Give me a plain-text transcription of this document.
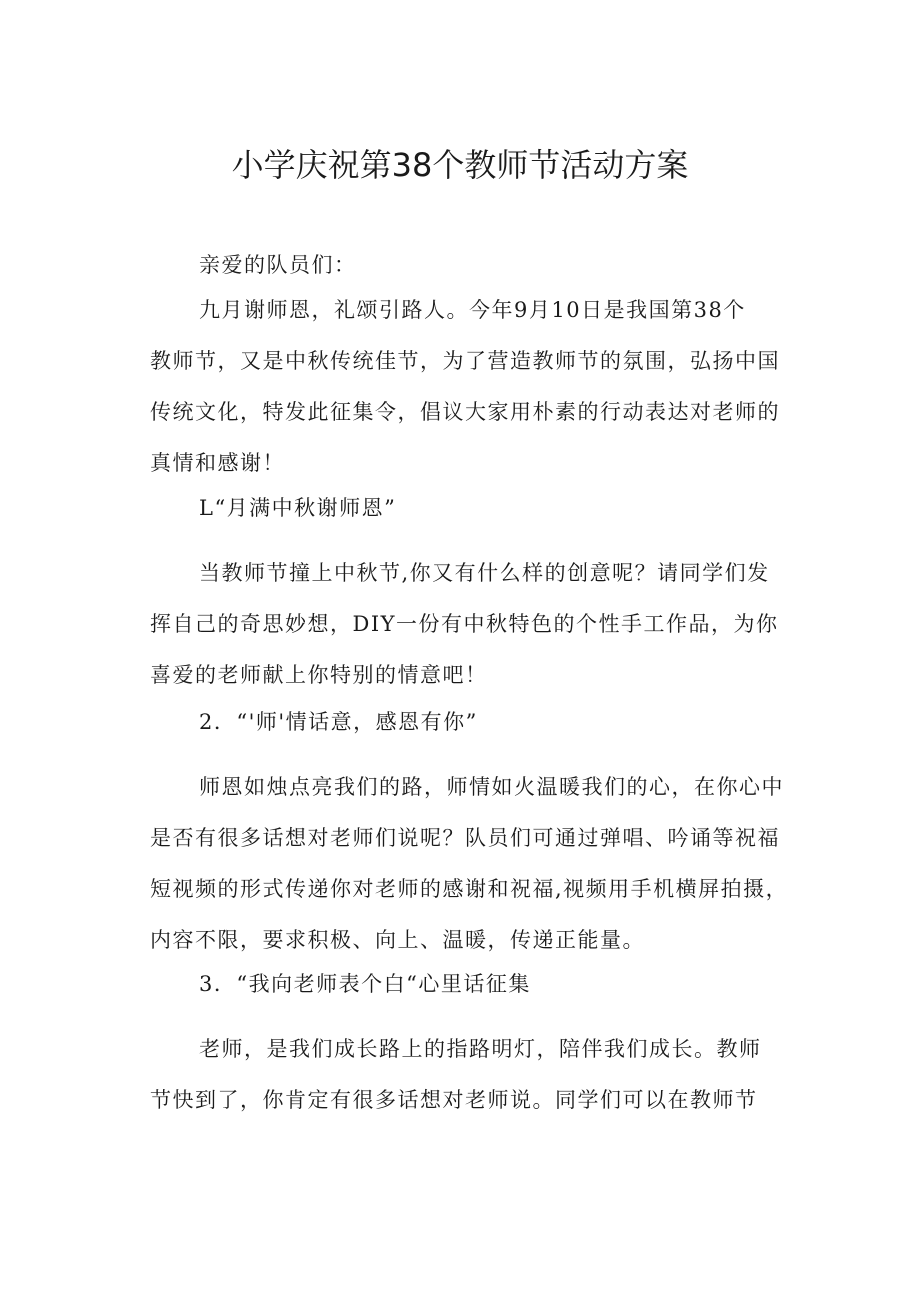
小学庆祝第38个教师节活动方案

亲爱的队员们：

九月谢师恩，礼颂引路人。今年9月10日是我国第38个
教师节，又是中秋传统佳节，为了营造教师节的氛围，弘扬中国
传统文化，特发此征集令，倡议大家用朴素的行动表达对老师的
真情和感谢！

L“月满中秋谢师恩”

当教师节撞上中秋节,你又有什么样的创意呢？请同学们发
挥自己的奇思妙想，DIY一份有中秋特色的个性手工作品，为你
喜爱的老师献上你特别的情意吧！

2．“'师'情话意，感恩有你”

师恩如烛点亮我们的路，师情如火温暖我们的心，在你心中
是否有很多话想对老师们说呢？队员们可通过弹唱、吟诵等祝福
短视频的形式传递你对老师的感谢和祝福,视频用手机横屏拍摄，
内容不限，要求积极、向上、温暖，传递正能量。

3．“我向老师表个白“心里话征集

老师，是我们成长路上的指路明灯，陪伴我们成长。教师
节快到了，你肯定有很多话想对老师说。同学们可以在教师节
